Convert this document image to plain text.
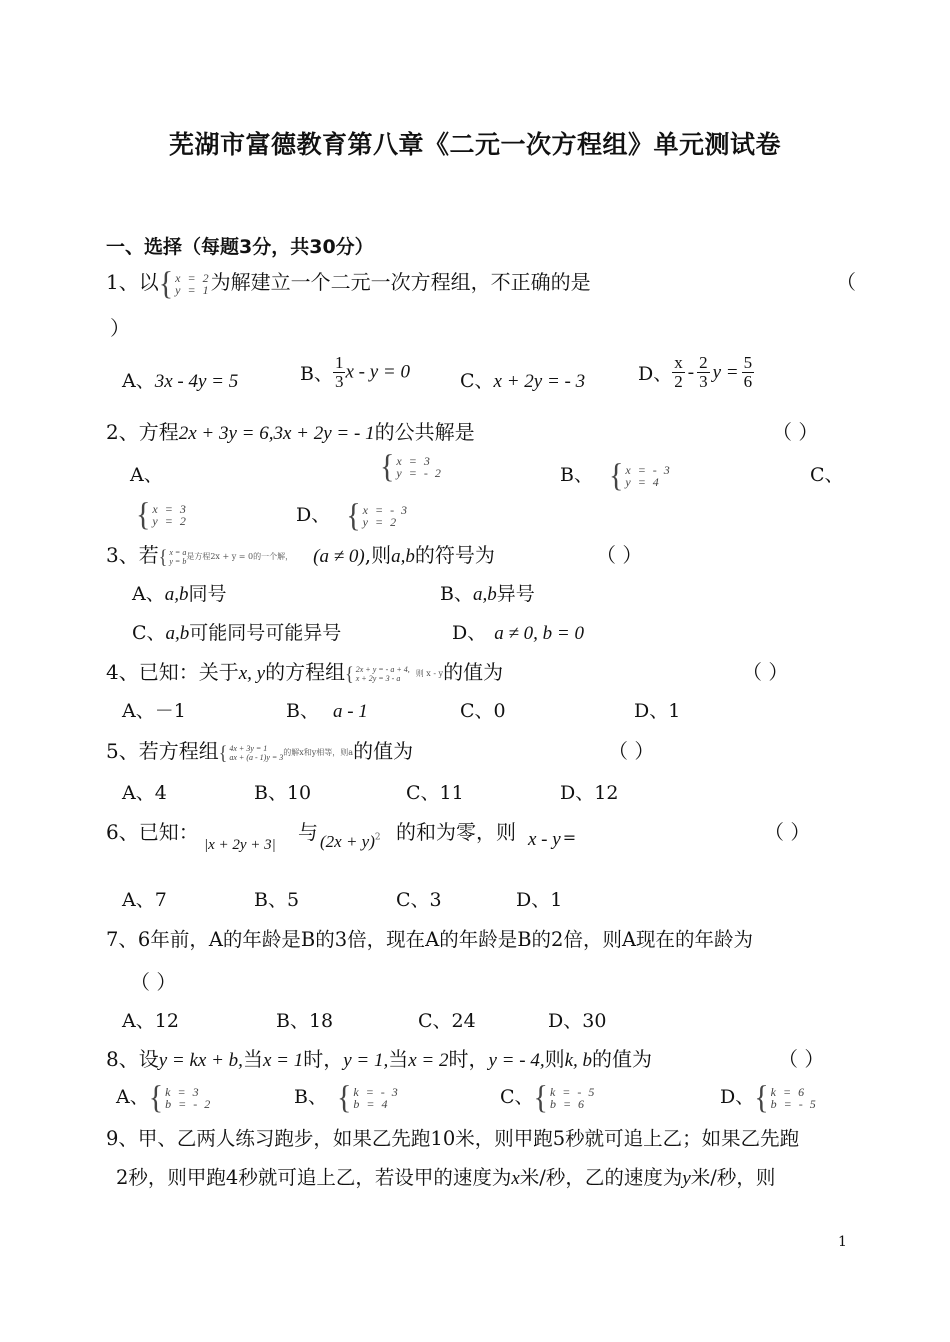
芜湖市富德教育第八章《二元一次方程组》单元测试卷
一、选择（每题3分，共30分）
1、以 { x = 2
y = 1 为解建立一个二元一次方程组，不正确的是	（
）
A、3x - 4y = 5	B、 $\frac{1}{3}$ x - y = 0	C、x + 2y = - 3	D、 $\frac{x}{2} - \frac{2}{3}$ $y = \frac{5}{6}$
2、方程2x + 3y = 6,3x + 2y = - 1的公共解是	（ ）
A、	{ x = 3
y = - 2	B、 { x = - 3
y = 4	C、
{ x = 3
y = 2	D、 { x = - 3
y = 2
3、若 { x = a
y = b 是方程2x + y = 0的一个解， (a ≠ 0),则a,b的符号为	（ ）
A、a,b同号	B、a,b异号
C、a,b可能同号可能异号	D、 a ≠ 0, b = 0
4、已知：关于x, y的方程组 { 2x + y = - a + 4,
x + 2y = 3 - a	则 x - y的值为	（ ）
A、－1	B、 a - 1	C、0	D、1
5、若方程组 { 4x + 3y = 1
ax + (a - 1)y = 3 的解x和y相等，则a的值为	（ ）
A、4	B、10	C、11	D、12
6、已知：
|x + 2y + 3|
与 $(2x + y)^2$ 的和为零，则 x - y =	（ ）
A、7	B、5	C、3	D、1
7、6年前，A的年龄是B的3倍，现在A的年龄是B的2倍，则A现在的年龄为
（ ）
A、12	B、18	C、24	D、30
8、设y = kx + b,当x = 1时，y = 1,当x = 2时，y = - 4,则k, b的值为	（ ）
A、 { k = 3
b = - 2	B、 { k = - 3
b = 4	C、 { k = - 5
b = 6	D、 { k = 6
b = - 5
9、甲、乙两人练习跑步，如果乙先跑10米，则甲跑5秒就可追上乙；如果乙先跑
2秒，则甲跑4秒就可追上乙，若设甲的速度为x米/秒，乙的速度为y米/秒，则
1
